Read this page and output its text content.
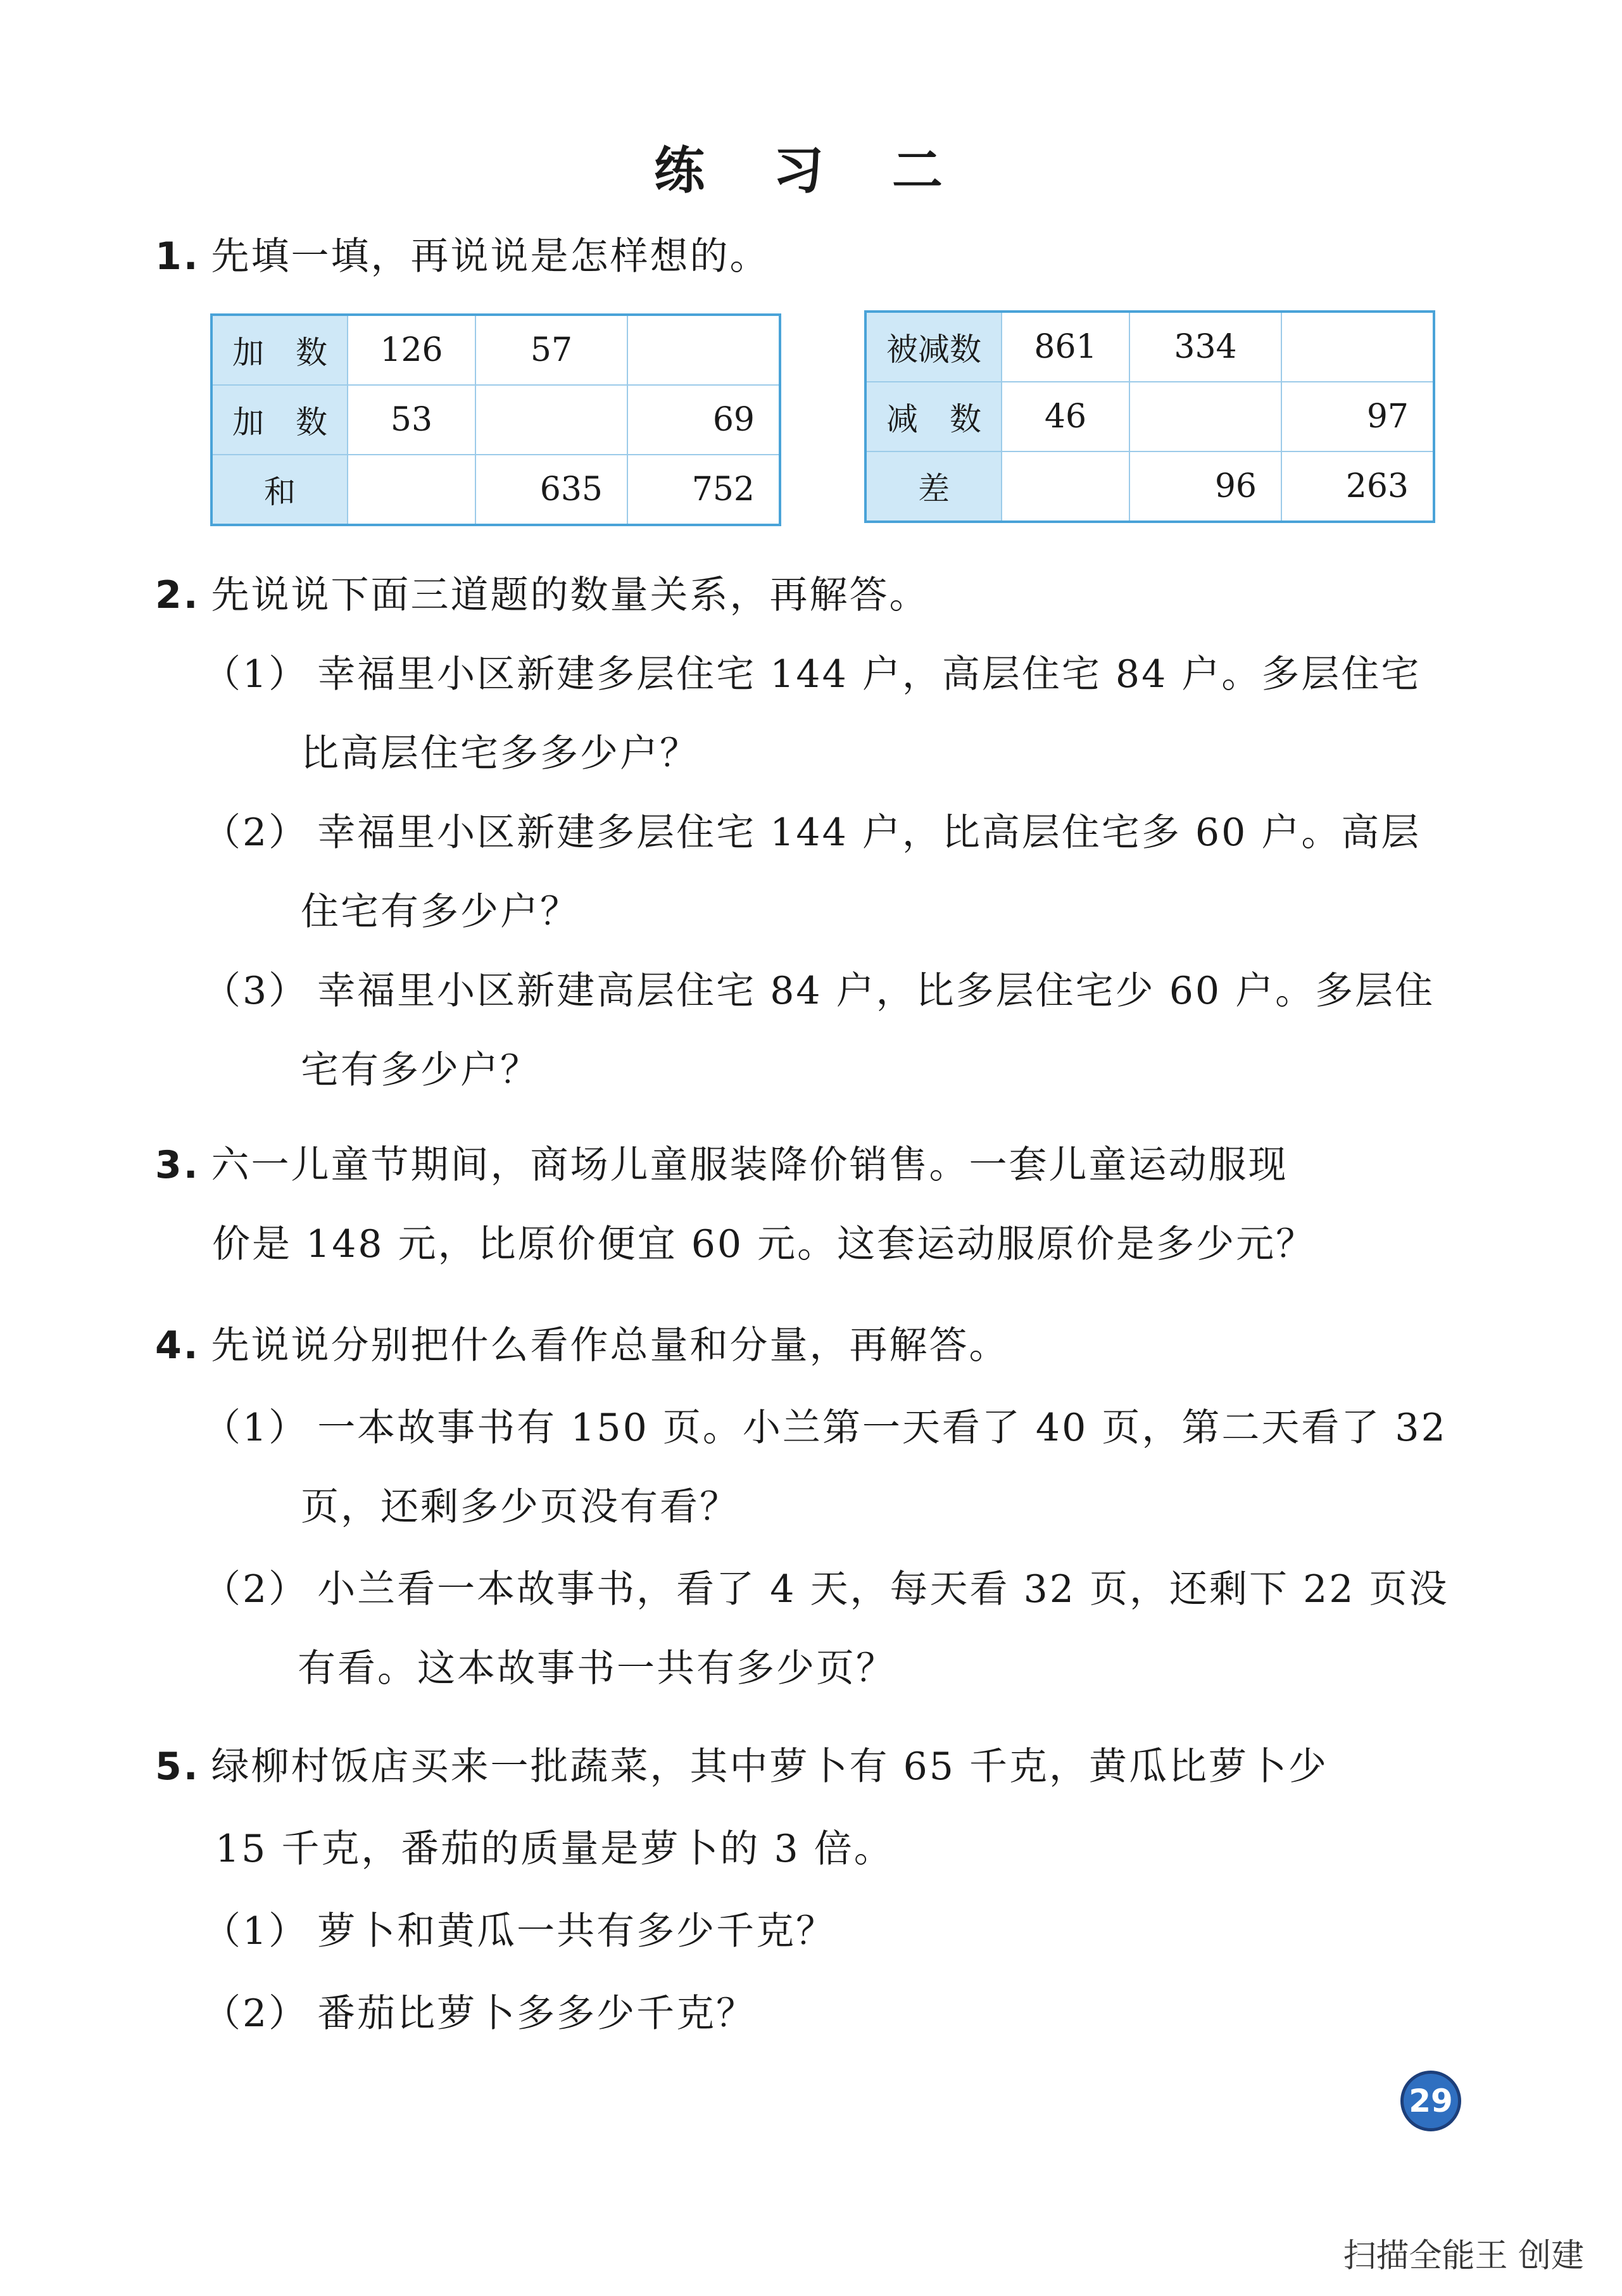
练 习 二
1. 先填一填，再说说是怎样想的。
加　数	126	57	
加　数	53		69
和		635	752
被减数	861	334	
减　数	46		97
差		96	263
2. 先说说下面三道题的数量关系，再解答。
（1） 幸福里小区新建多层住宅 144 户，高层住宅 84 户。多层住宅
比高层住宅多多少户？
（2） 幸福里小区新建多层住宅 144 户，比高层住宅多 60 户。高层
住宅有多少户？
（3） 幸福里小区新建高层住宅 84 户，比多层住宅少 60 户。多层住
宅有多少户？
3. 六一儿童节期间，商场儿童服装降价销售。一套儿童运动服现
价是 148 元，比原价便宜 60 元。这套运动服原价是多少元？
4. 先说说分别把什么看作总量和分量，再解答。
（1） 一本故事书有 150 页。小兰第一天看了 40 页，第二天看了 32
页，还剩多少页没有看？
（2） 小兰看一本故事书，看了 4 天，每天看 32 页，还剩下 22 页没
有看。这本故事书一共有多少页？
5. 绿柳村饭店买来一批蔬菜，其中萝卜有 65 千克，黄瓜比萝卜少
15 千克，番茄的质量是萝卜的 3 倍。
（1） 萝卜和黄瓜一共有多少千克？
（2） 番茄比萝卜多多少千克？
29
扫描全能王 创建
